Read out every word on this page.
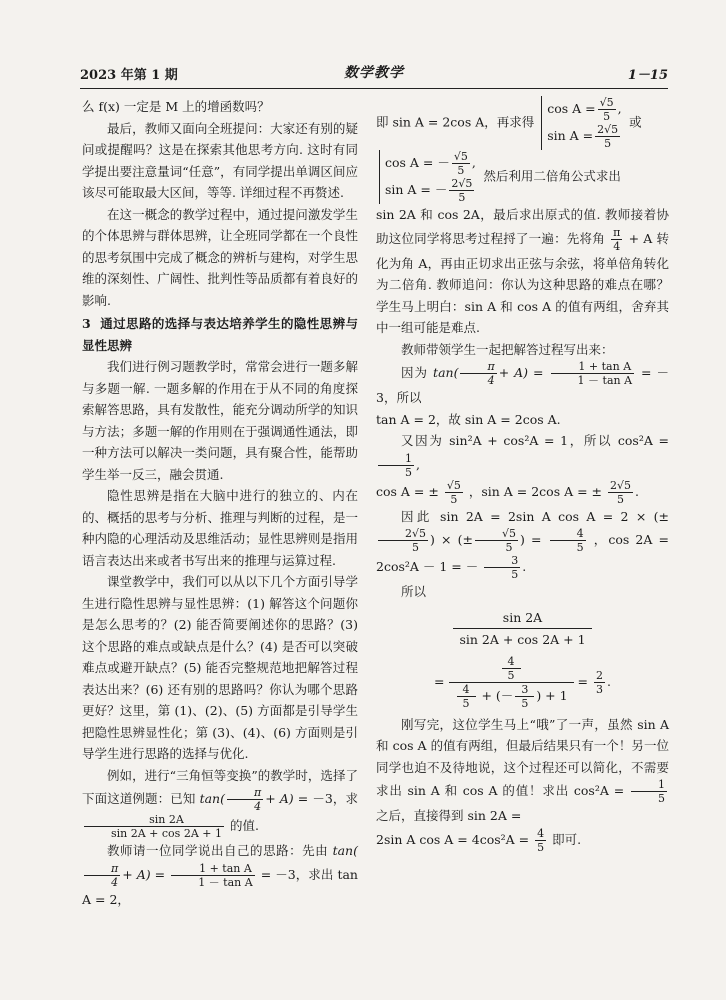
2023 年第 1 期	数学教学	1－15

么 f(x) 一定是 M 上的增函数吗？

最后，教师又面向全班提问：大家还有别的疑问或提醒吗？这是在探索其他思考方向. 这时有同学提出要注意量词“任意”，有同学提出单调区间应该尽可能取最大区间，等等. 详细过程不再赘述.

在这一概念的教学过程中，通过提问激发学生的个体思辨与群体思辨，让全班同学都在一个良性的思考氛围中完成了概念的辨析与建构，对学生思维的深刻性、广阔性、批判性等品质都有着良好的影响.

3 通过思路的选择与表达培养学生的隐性思辨与显性思辨

我们进行例习题教学时，常常会进行一题多解与多题一解. 一题多解的作用在于从不同的角度探索解答思路，具有发散性，能充分调动所学的知识与方法；多题一解的作用则在于强调通性通法，即一种方法可以解决一类问题，具有聚合性，能帮助学生举一反三，融会贯通.

隐性思辨是指在大脑中进行的独立的、内在的、概括的思考与分析、推理与判断的过程，是一种内隐的心理活动及思维活动；显性思辨则是指用语言表达出来或者书写出来的推理与运算过程.

课堂教学中，我们可以从以下几个方面引导学生进行隐性思辨与显性思辨：(1) 解答这个问题你是怎么思考的？(2) 能否简要阐述你的思路？(3) 这个思路的难点或缺点是什么？(4) 是否可以突破难点或避开缺点？(5) 能否完整规范地把解答过程表达出来？(6) 还有别的思路吗？你认为哪个思路更好？这里，第 (1)、(2)、(5) 方面都是引导学生把隐性思辨显性化；第 (3)、(4)、(6) 方面则是引导学生进行思路的选择与优化.

例如，进行“三角恒等变换”的教学时，选择了下面这道例题：已知 $\tan( \frac{\pi}{4} + A) = -3$，求
$\frac{\sin 2A}{\sin 2A + \cos 2A + 1}$ 的值.

教师请一位同学说出自己的思路：先由 tan(
$\frac{\pi}{4} + A) = \frac{\text{1 + tan A}}{\text{1 － tan A}} = -3$，求出 tan A = 2，

即 sin A = 2cos A，再求得 $\cos A = \frac{√5}{5}$ ,
$\sin A = \frac{2√5}{5}$
或

cos A = － $\frac{√5}{5}$ ,
sin A = － $\frac{2√5}{5}$
然后利用二倍角公式求出

sin 2A 和 cos 2A，最后求出原式的值. 教师接着协助这位同学将思考过程捋了一遍：先将角 $\frac{\pi}{4} + A$ 转化为角 A，再由正切求出正弦与余弦，将单倍角转化为二倍角. 教师追问：你认为这种思路的难点在哪？学生马上明白：sin A 和 cos A 的值有两组，舍弃其中一组可能是难点.

教师带领学生一起把解答过程写出来：

因为 $\tan( \frac{\pi}{4} + A) = \frac{\text{1 + tan A}}{\text{1 － tan A}} = -3$，所以

tan A = 2，故 sin A = 2cos A.

又因为 sin²A + cos²A = 1，所以 cos²A =
$\frac{1}{5}$ ,

cos A = ± $\frac{√5}{5}$ ，sin A = 2cos A = ± $\frac{2√5}{5}$ .

因此 sin 2A = 2sin A cos A = 2 × (±
$\frac{2√5}{5}$ ) × (± $\frac{√5}{5}$ ) = $\frac{4}{5}$ ，cos 2A = 2cos²A － 1 = － $\frac{3}{5}$ .

所以

$\frac{\sin 2A}{\sin 2A + \cos 2A + 1}$
= $\frac{\frac{4}{5}}{\frac{4}{5} + (- \frac{3}{5} ) + 1} = \frac{2}{3}$ .

刚写完，这位学生马上“哦”了一声，虽然 sin A 和 cos A 的值有两组，但最后结果只有一个！另一位同学也迫不及待地说，这个过程还可以简化，不需要求出 sin A 和 cos A 的值！求出 $\cos^2A = \frac{1}{5}$
之后，直接得到 sin 2A =

2sin A $\cos A = 4\cos^2A = \frac{4}{5}$ 即可.
